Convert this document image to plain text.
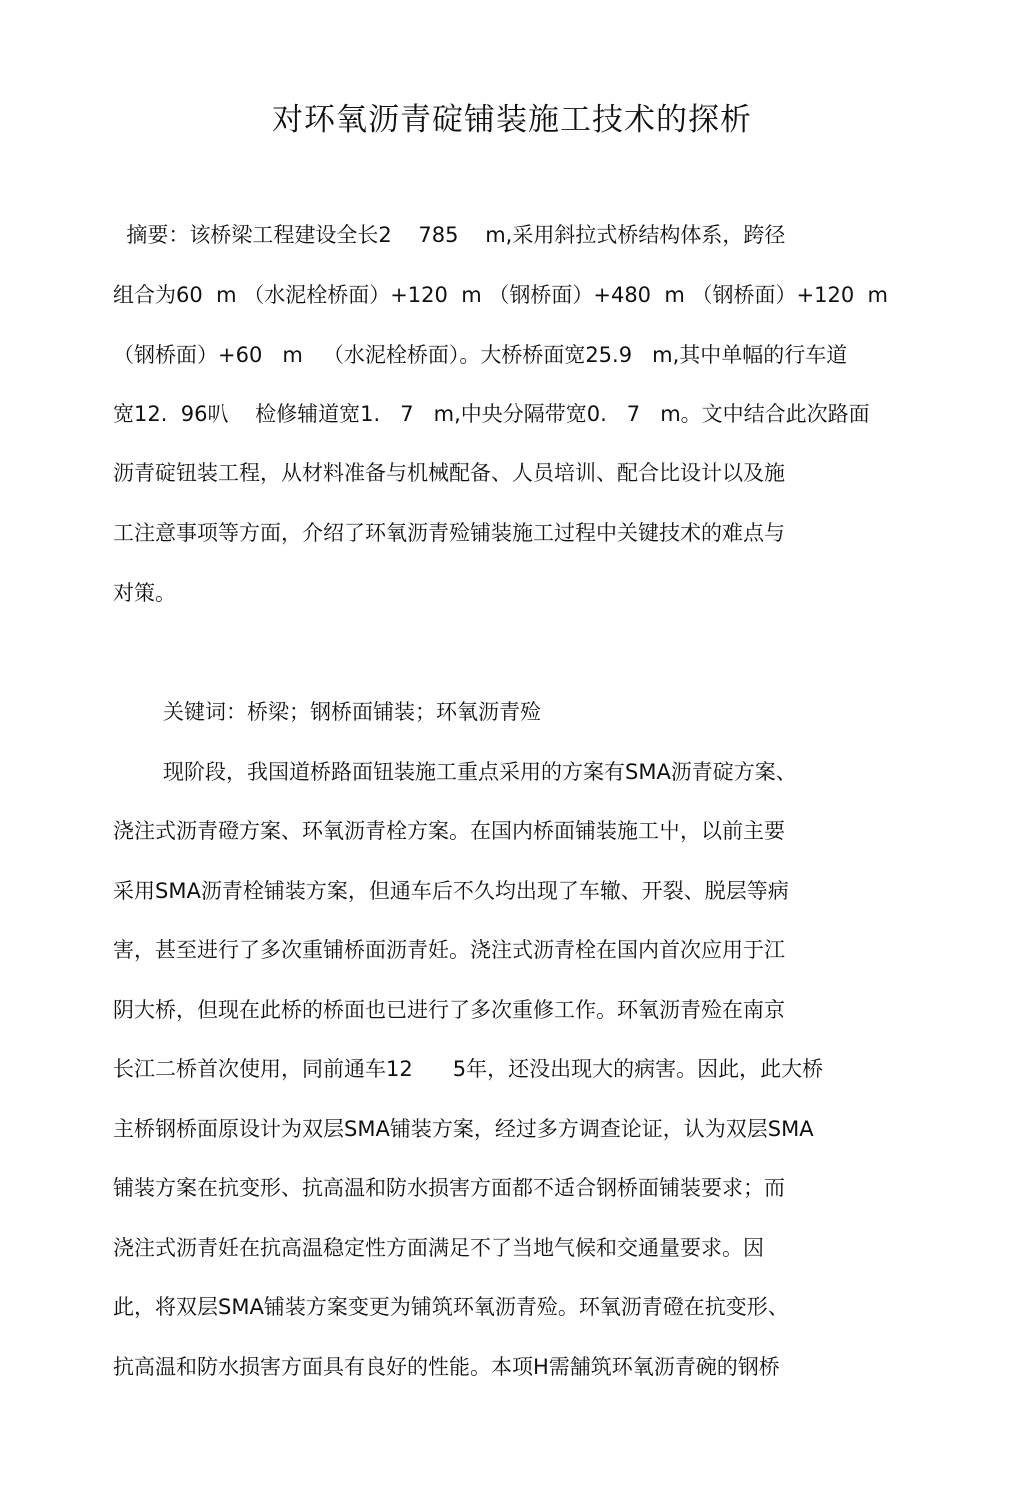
对环氧沥青碇铺装施工技术的探析

摘要：该桥梁工程建设全长2    785    m,采用斜拉式桥结构体系，跨径

组合为60  m （水泥栓桥面）+120  m （钢桥面）+480  m （钢桥面）+120  m

（钢桥面）+60   m   （水泥栓桥面）。大桥桥面宽25.9   m,其中单幅的行车道

宽12.  96叭    检修辅道宽1.   7   m,中央分隔带宽0.   7   m。文中结合此次路面

沥青碇钮装工程，从材料准备与机械配备、人员培训、配合比设计以及施

工注意事项等方面，介绍了环氧沥青殓铺装施工过程中关键技术的难点与

对策。

关键词：桥梁；钢桥面铺装；环氧沥青殓

现阶段，我国道桥路面钮装施工重点采用的方案有SMA沥青碇方案、

浇注式沥青磴方案、环氧沥青栓方案。在国内桥面铺装施工屮，以前主要

采用SMA沥青栓铺装方案，但通车后不久均出现了车辙、开裂、脱层等病

害，甚至进行了多次重铺桥面沥青妊。浇注式沥青栓在国内首次应用于江

阴大桥，但现在此桥的桥面也已进行了多次重修工作。环氧沥青殓在南京

长江二桥首次使用，同前通车12      5年，还没出现大的病害。因此，此大桥

主桥钢桥面原设计为双层SMA铺装方案，经过多方调查论证，认为双层SMA

铺装方案在抗变形、抗高温和防水损害方面都不适合钢桥面铺装要求；而

浇注式沥青妊在抗高温稳定性方面满足不了当地气候和交通量要求。因

此，将双层SMA铺装方案变更为铺筑环氧沥青殓。环氧沥青磴在抗变形、

抗高温和防水损害方面具有良好的性能。本项H需舗筑环氧沥青碗的钢桥
